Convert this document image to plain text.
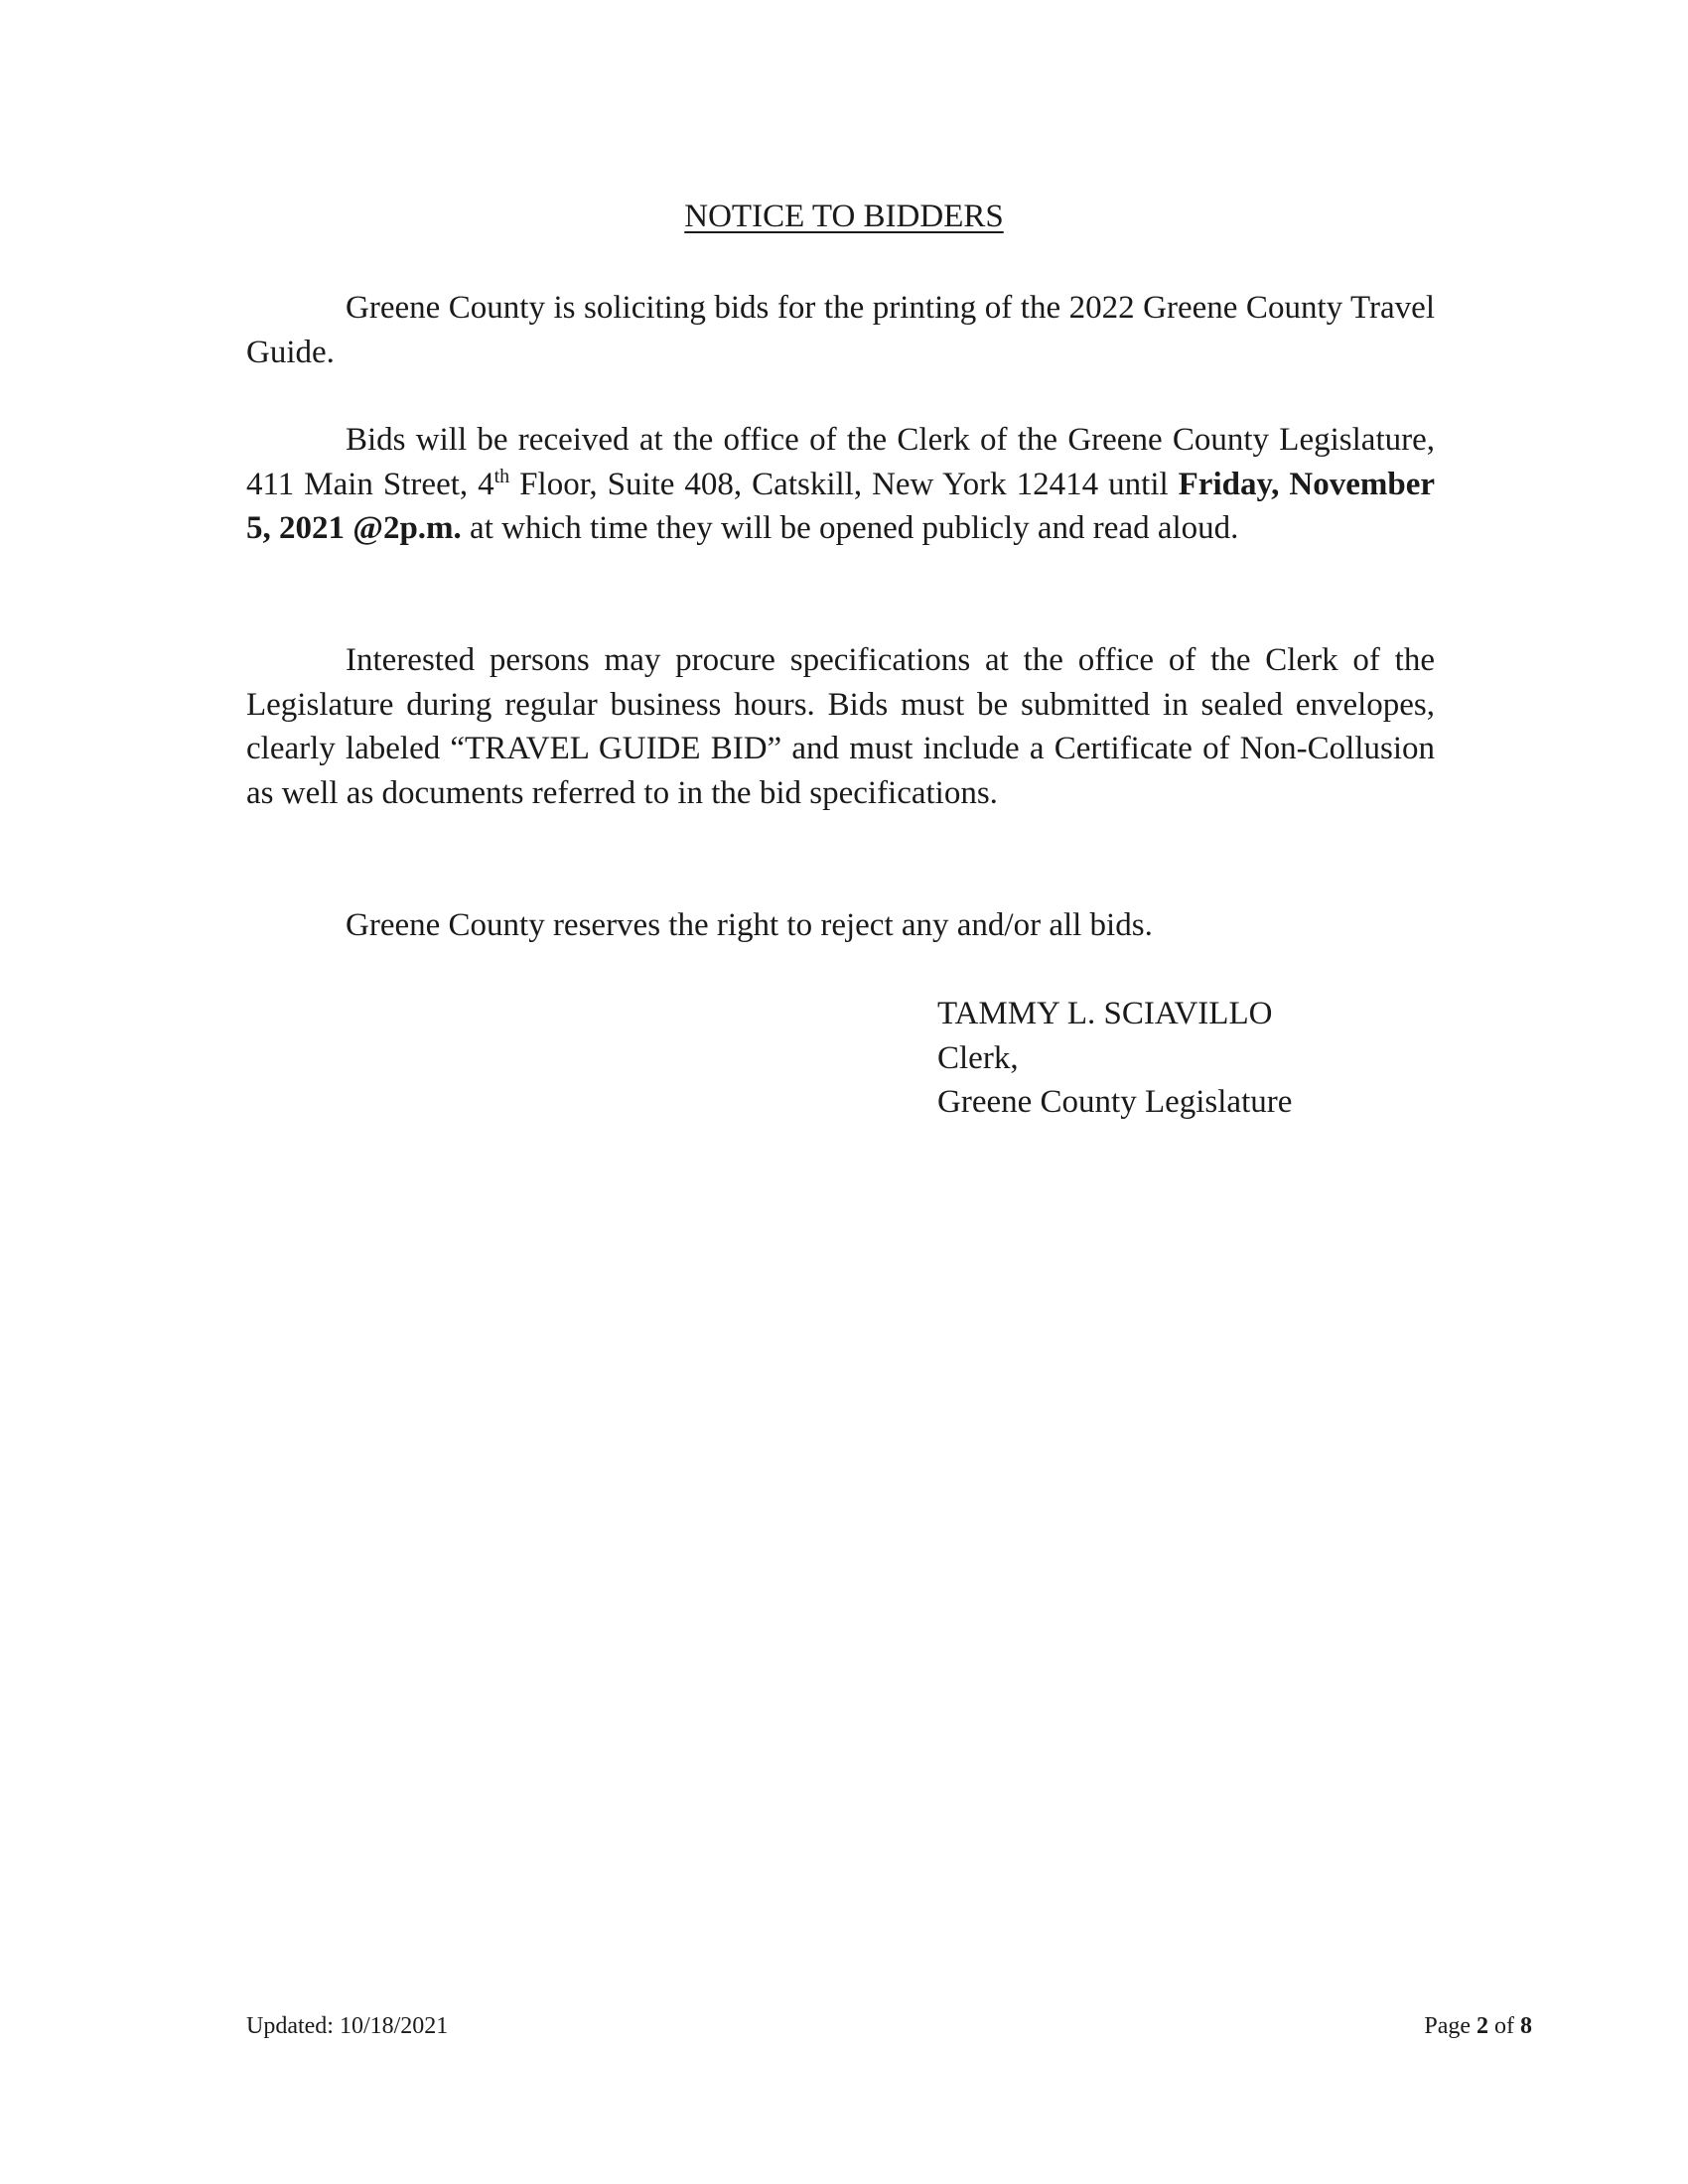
NOTICE TO BIDDERS

Greene County is soliciting bids for the printing of the 2022 Greene County Travel Guide.

Bids will be received at the office of the Clerk of the Greene County Legislature, 411 Main Street, 4th Floor, Suite 408, Catskill, New York 12414 until Friday, November 5, 2021 @2p.m. at which time they will be opened publicly and read aloud.

Interested persons may procure specifications at the office of the Clerk of the Legislature during regular business hours. Bids must be submitted in sealed envelopes, clearly labeled “TRAVEL GUIDE BID” and must include a Certificate of Non-Collusion as well as documents referred to in the bid specifications.

Greene County reserves the right to reject any and/or all bids.

TAMMY L. SCIAVILLO
Clerk,
Greene County Legislature
Updated: 10/18/2021	Page 2 of 8
